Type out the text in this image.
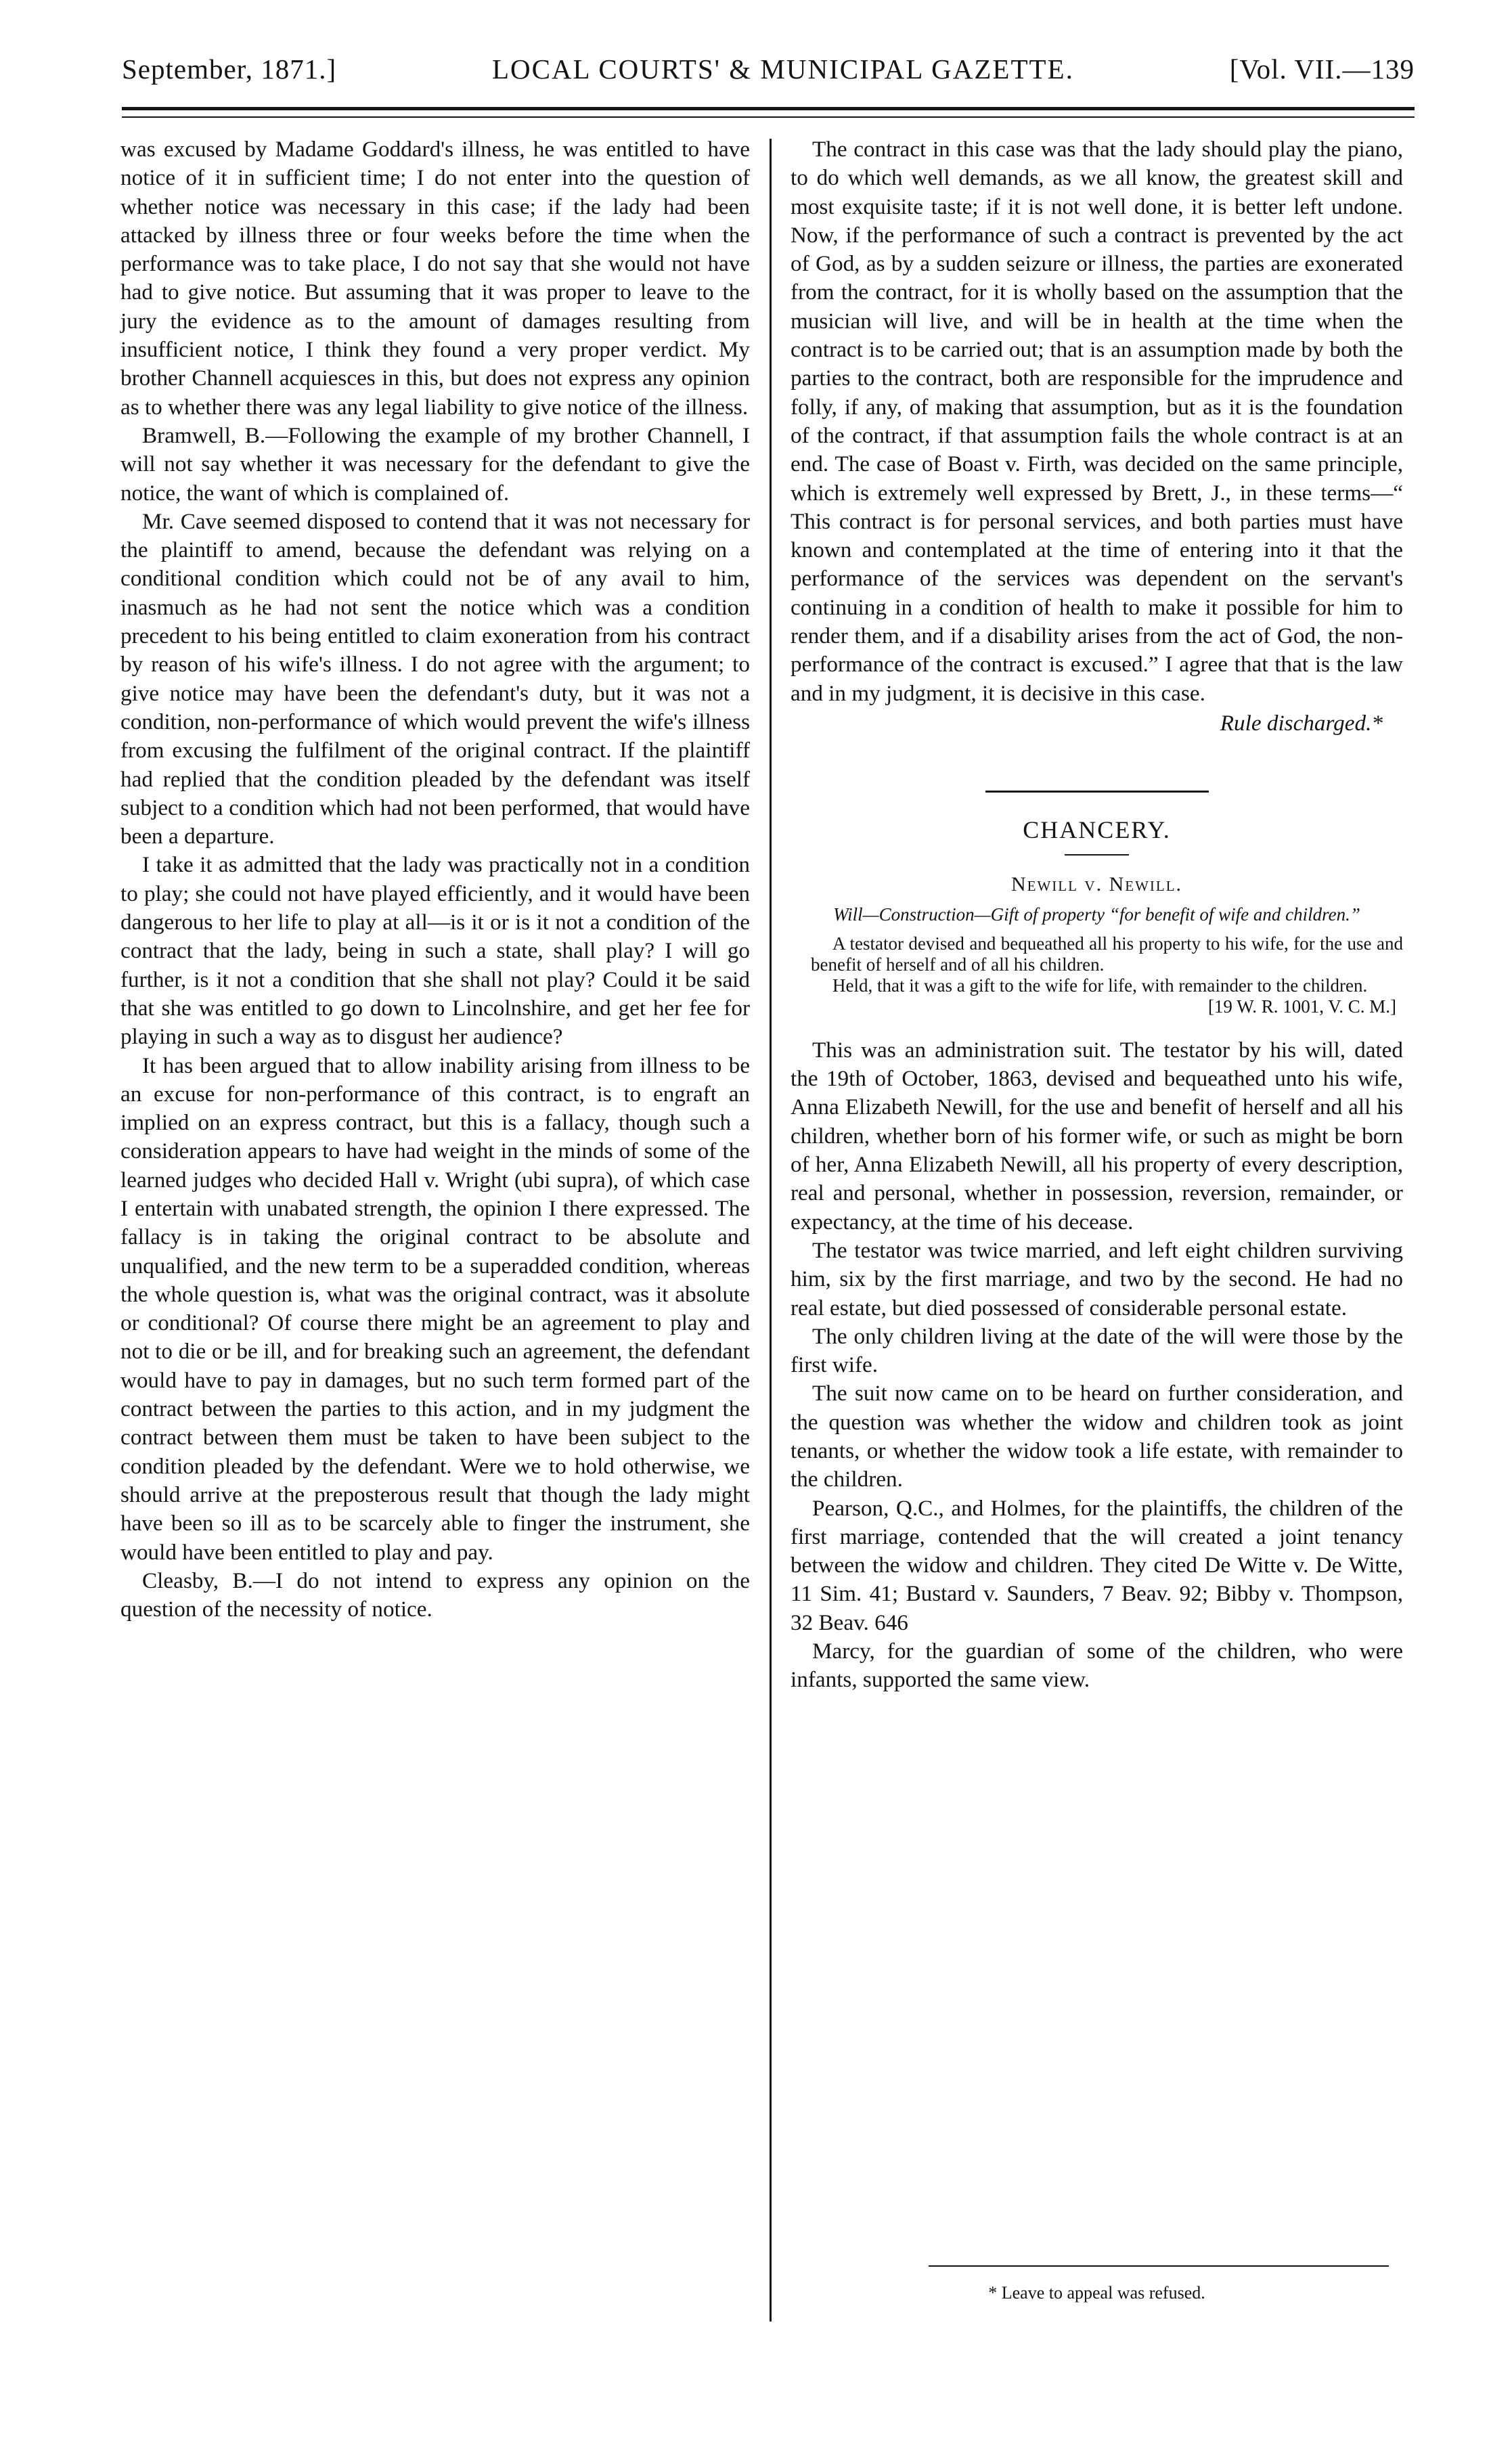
September, 1871.]	LOCAL COURTS' & MUNICIPAL GAZETTE.	[Vol. VII.—139

was excused by Madame Goddard's illness, he was entitled to have notice of it in sufficient time; I do not enter into the question of whether notice was necessary in this case; if the lady had been attacked by illness three or four weeks before the time when the performance was to take place, I do not say that she would not have had to give notice. But assuming that it was proper to leave to the jury the evidence as to the amount of damages resulting from insufficient notice, I think they found a very proper verdict. My brother Channell acquiesces in this, but does not express any opinion as to whether there was any legal liability to give notice of the illness.

Bramwell, B.—Following the example of my brother Channell, I will not say whether it was necessary for the defendant to give the notice, the want of which is complained of.

Mr. Cave seemed disposed to contend that it was not necessary for the plaintiff to amend, because the defendant was relying on a conditional condition which could not be of any avail to him, inasmuch as he had not sent the notice which was a condition precedent to his being entitled to claim exoneration from his contract by reason of his wife's illness. I do not agree with the argument; to give notice may have been the defendant's duty, but it was not a condition, non-performance of which would prevent the wife's illness from excusing the fulfilment of the original contract. If the plaintiff had replied that the condition pleaded by the defendant was itself subject to a condition which had not been performed, that would have been a departure.

I take it as admitted that the lady was practically not in a condition to play; she could not have played efficiently, and it would have been dangerous to her life to play at all—is it or is it not a condition of the contract that the lady, being in such a state, shall play? I will go further, is it not a condition that she shall not play? Could it be said that she was entitled to go down to Lincolnshire, and get her fee for playing in such a way as to disgust her audience?

It has been argued that to allow inability arising from illness to be an excuse for non-performance of this contract, is to engraft an implied on an express contract, but this is a fallacy, though such a consideration appears to have had weight in the minds of some of the learned judges who decided Hall v. Wright (ubi supra), of which case I entertain with unabated strength, the opinion I there expressed. The fallacy is in taking the original contract to be absolute and unqualified, and the new term to be a superadded condition, whereas the whole question is, what was the original contract, was it absolute or conditional? Of course there might be an agreement to play and not to die or be ill, and for breaking such an agreement, the defendant would have to pay in damages, but no such term formed part of the contract between the parties to this action, and in my judgment the contract between them must be taken to have been subject to the condition pleaded by the defendant. Were we to hold otherwise, we should arrive at the preposterous result that though the lady might have been so ill as to be scarcely able to finger the instrument, she would have been entitled to play and pay.

Cleasby, B.—I do not intend to express any opinion on the question of the necessity of notice.

The contract in this case was that the lady should play the piano, to do which well demands, as we all know, the greatest skill and most exquisite taste; if it is not well done, it is better left undone. Now, if the performance of such a contract is prevented by the act of God, as by a sudden seizure or illness, the parties are exonerated from the contract, for it is wholly based on the assumption that the musician will live, and will be in health at the time when the contract is to be carried out; that is an assumption made by both the parties to the contract, both are responsible for the imprudence and folly, if any, of making that assumption, but as it is the foundation of the contract, if that assumption fails the whole contract is at an end. The case of Boast v. Firth, was decided on the same principle, which is extremely well expressed by Brett, J., in these terms—“ This contract is for personal services, and both parties must have known and contemplated at the time of entering into it that the performance of the services was dependent on the servant's continuing in a condition of health to make it possible for him to render them, and if a disability arises from the act of God, the non-performance of the contract is excused.” I agree that that is the law and in my judgment, it is decisive in this case.

Rule discharged.*
CHANCERY.
Newill v. Newill.
Will—Construction—Gift of property “for benefit of wife and children.”

A testator devised and bequeathed all his property to his wife, for the use and benefit of herself and of all his children.

Held, that it was a gift to the wife for life, with remainder to the children.

[19 W. R. 1001, V. C. M.]

This was an administration suit. The testator by his will, dated the 19th of October, 1863, devised and bequeathed unto his wife, Anna Elizabeth Newill, for the use and benefit of herself and all his children, whether born of his former wife, or such as might be born of her, Anna Elizabeth Newill, all his property of every description, real and personal, whether in possession, reversion, remainder, or expectancy, at the time of his decease.

The testator was twice married, and left eight children surviving him, six by the first marriage, and two by the second. He had no real estate, but died possessed of considerable personal estate.

The only children living at the date of the will were those by the first wife.

The suit now came on to be heard on further consideration, and the question was whether the widow and children took as joint tenants, or whether the widow took a life estate, with remainder to the children.

Pearson, Q.C., and Holmes, for the plaintiffs, the children of the first marriage, contended that the will created a joint tenancy between the widow and children. They cited De Witte v. De Witte, 11 Sim. 41; Bustard v. Saunders, 7 Beav. 92; Bibby v. Thompson, 32 Beav. 646

Marcy, for the guardian of some of the children, who were infants, supported the same view.

* Leave to appeal was refused.
